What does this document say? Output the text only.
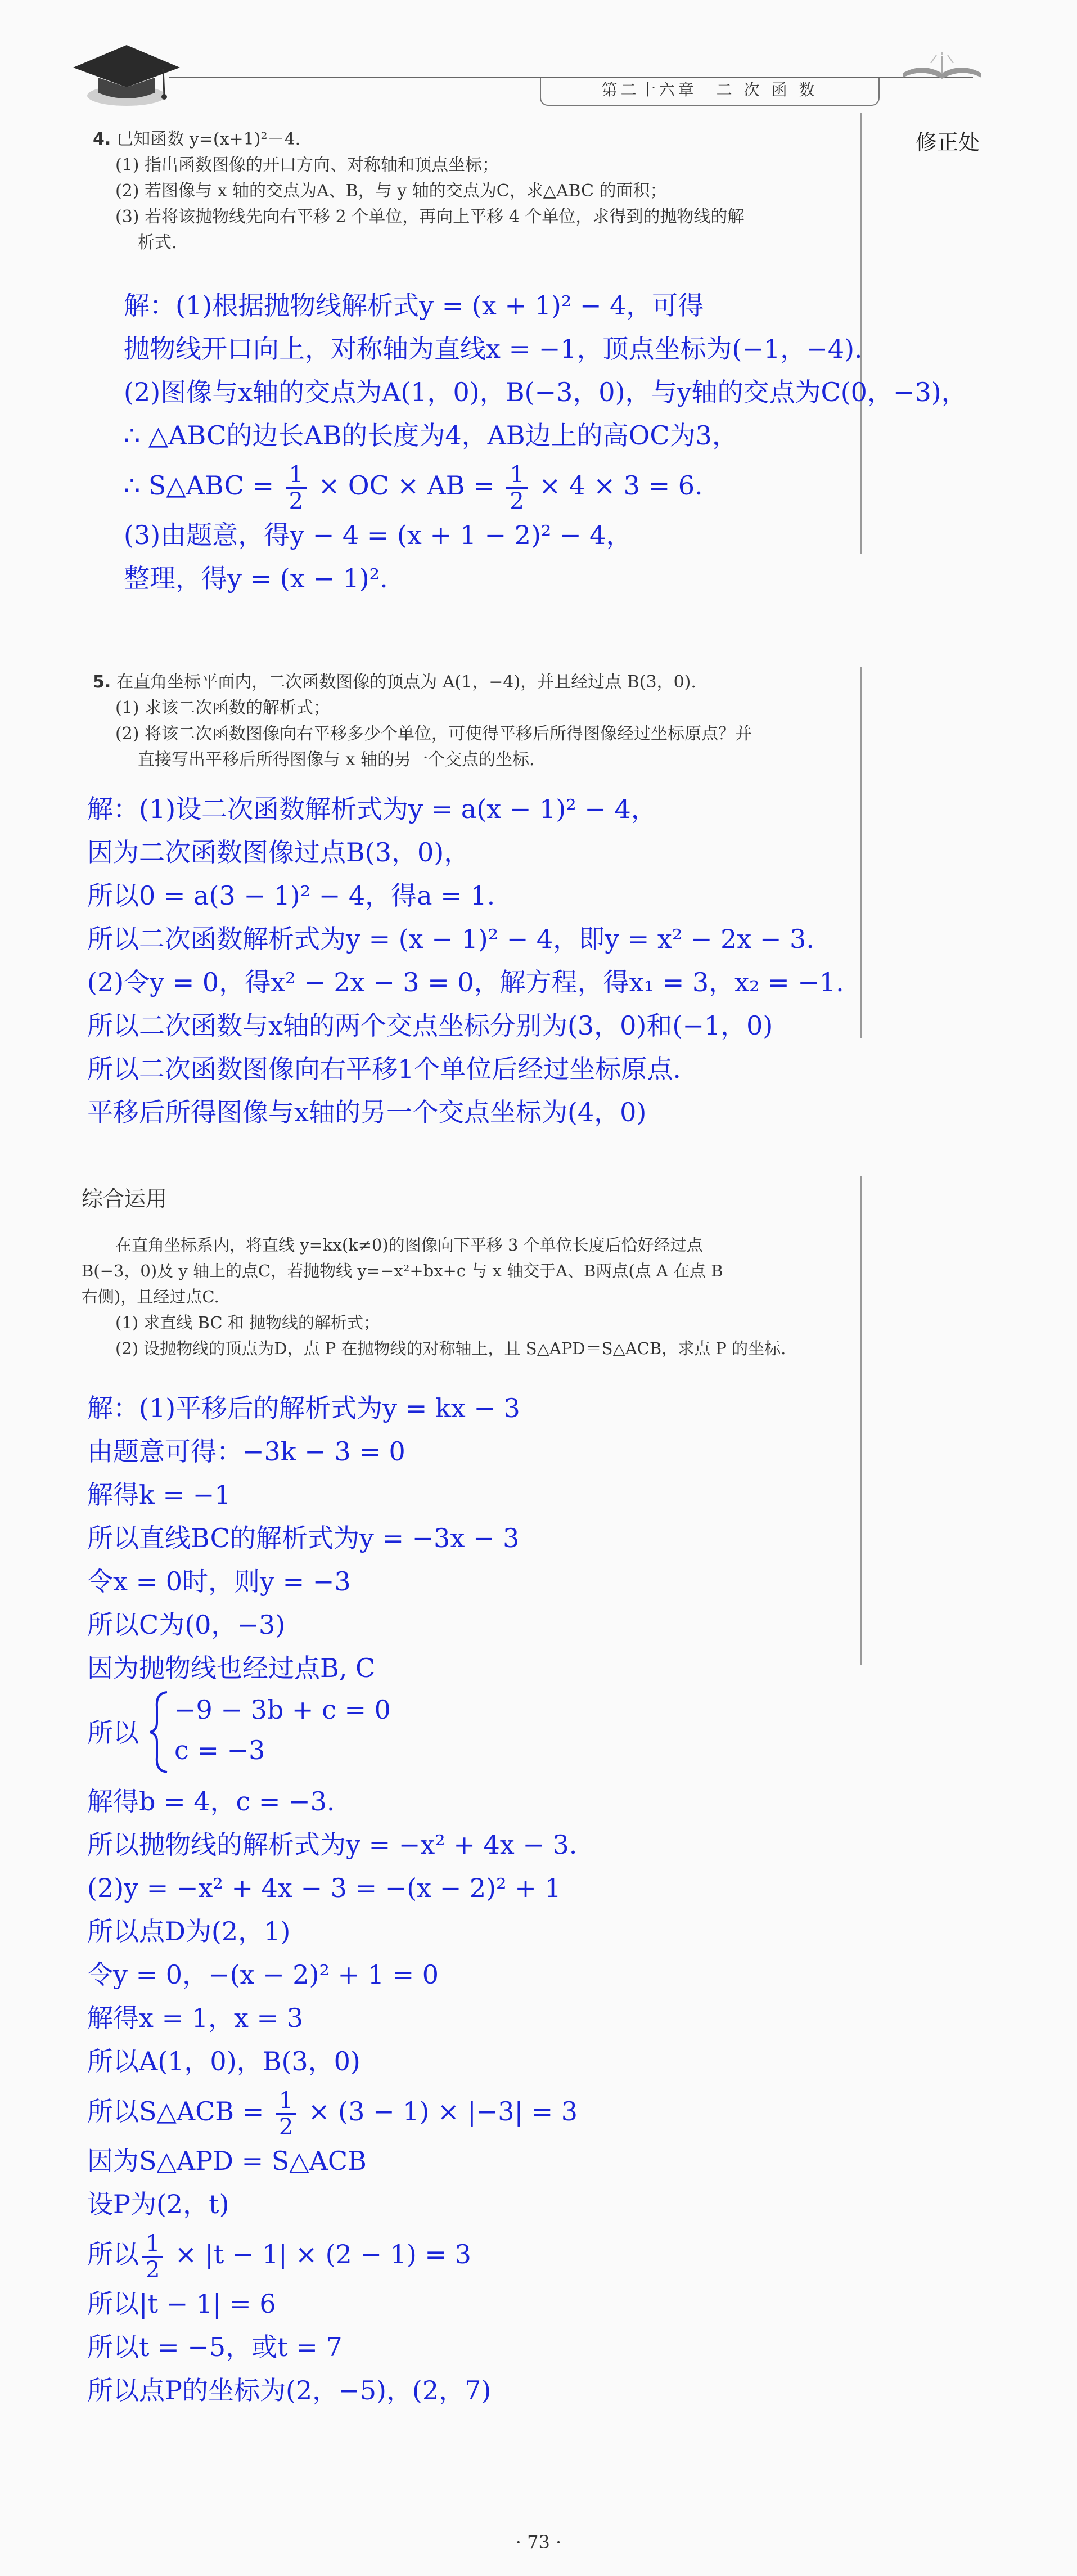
第二十六章　二 次 函 数
修正处
4. 已知函数 y=(x+1)²－4.
(1) 指出函数图像的开口方向、对称轴和顶点坐标；
(2) 若图像与 x 轴的交点为A、B，与 y 轴的交点为C，求△ABC 的面积；
(3) 若将该抛物线先向右平移 2 个单位，再向上平移 4 个单位，求得到的抛物线的解
析式.
解：(1)根据抛物线解析式y = (x + 1)² − 4，可得
抛物线开口向上，对称轴为直线x = −1，顶点坐标为(−1，−4).
(2)图像与x轴的交点为A(1，0)，B(−3，0)，与y轴的交点为C(0，−3)，
∴ △ABC的边长AB的长度为4，AB边上的高OC为3，
∴ S△ABC = $\frac{1}{2}$ × OC × AB = $\frac{1}{2} \times 4 \times 3 = 6$.
(3)由题意，得y − 4 = (x + 1 − 2)² − 4，
整理，得y = (x − 1)².
5. 在直角坐标平面内，二次函数图像的顶点为 A(1，−4)，并且经过点 B(3，0).
(1) 求该二次函数的解析式；
(2) 将该二次函数图像向右平移多少个单位，可使得平移后所得图像经过坐标原点？并
直接写出平移后所得图像与 x 轴的另一个交点的坐标.
解：(1)设二次函数解析式为y = a(x − 1)² − 4，
因为二次函数图像过点B(3，0)，
所以0 = a(3 − 1)² − 4，得a = 1.
所以二次函数解析式为y = (x − 1)² − 4，即y = x² − 2x − 3.
(2)令y = 0，得x² − 2x − 3 = 0，解方程，得x₁ = 3，x₂ = −1.
所以二次函数与x轴的两个交点坐标分别为(3，0)和(−1，0)
所以二次函数图像向右平移1个单位后经过坐标原点.
平移后所得图像与x轴的另一个交点坐标为(4，0)
综合运用
在直角坐标系内，将直线 y=kx(k≠0)的图像向下平移 3 个单位长度后恰好经过点
B(−3，0)及 y 轴上的点C，若抛物线 y=−x²+bx+c 与 x 轴交于A、B两点(点 A 在点 B
右侧)，且经过点C.
(1) 求直线 BC 和 抛物线的解析式；
(2) 设抛物线的顶点为D，点 P 在抛物线的对称轴上，且 S△APD＝S△ACB，求点 P 的坐标.
解：(1)平移后的解析式为y = kx − 3
由题意可得：−3k − 3 = 0
解得k = −1
所以直线BC的解析式为y = −3x − 3
令x = 0时，则y = −3
所以C为(0，−3)
因为抛物线也经过点B, C
所以
−9 − 3b + c = 0
c = −3
解得b = 4，c = −3.
所以抛物线的解析式为y = −x² + 4x − 3.
(2)y = −x² + 4x − 3 = −(x − 2)² + 1
所以点D为(2，1)
令y = 0，−(x − 2)² + 1 = 0
解得x = 1，x = 3
所以A(1，0)，B(3，0)
所以S△ACB = $\frac{1}{2} \times (3 - 1) \times |-3| = 3$
因为S△APD = S△ACB
设P为(2，t)
所以 $\frac{1}{2} \times |t - 1| \times (2 - 1) = 3$
所以|t − 1| = 6
所以t = −5，或t = 7
所以点P的坐标为(2，−5)，(2，7)
· 73 ·
